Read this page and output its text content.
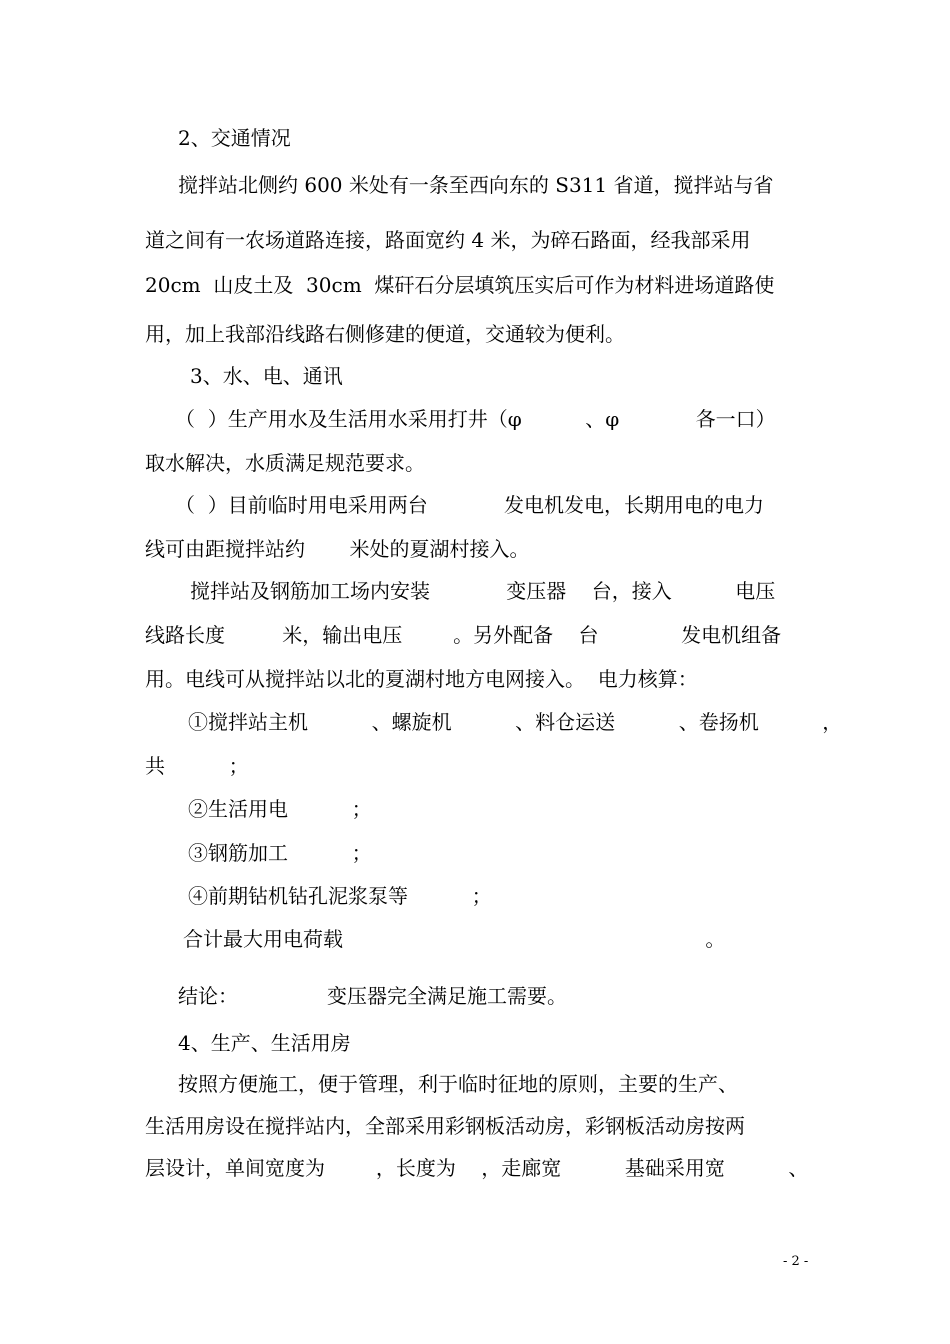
2、交通情况
搅拌站北侧约 600 米处有一条至西向东的 S311 省道，搅拌站与省
道之间有一农场道路连接，路面宽约 4 米，为碎石路面，经我部采用
20cm  山皮土及  30cm  煤矸石分层填筑压实后可作为材料进场道路使
用，加上我部沿线路右侧修建的便道，交通较为便利。
3、水、电、通讯
（  ）生产用水及生活用水采用打井（φ          、φ            各一口）
取水解决，水质满足规范要求。
（  ）目前临时用电采用两台            发电机发电，长期用电的电力
线可由距搅拌站约       米处的夏湖村接入。
搅拌站及钢筋加工场内安装            变压器    台，接入          电压
线路长度         米，输出电压        。另外配备    台             发电机组备
用。电线可从搅拌站以北的夏湖村地方电网接入。  电力核算：
①搅拌站主机          、螺旋机          、料仓运送          、卷扬机          ，
共          ；
②生活用电          ；
③钢筋加工          ；
④前期钻机钻孔泥浆泵等          ；
合计最大用电荷载                                                         。
结论：              变压器完全满足施工需要。
4、生产、生活用房
按照方便施工，便于管理，利于临时征地的原则，主要的生产、
生活用房设在搅拌站内，全部采用彩钢板活动房，彩钢板活动房按两
层设计，单间宽度为        ，长度为    ，走廊宽          基础采用宽          、
- 2 -
